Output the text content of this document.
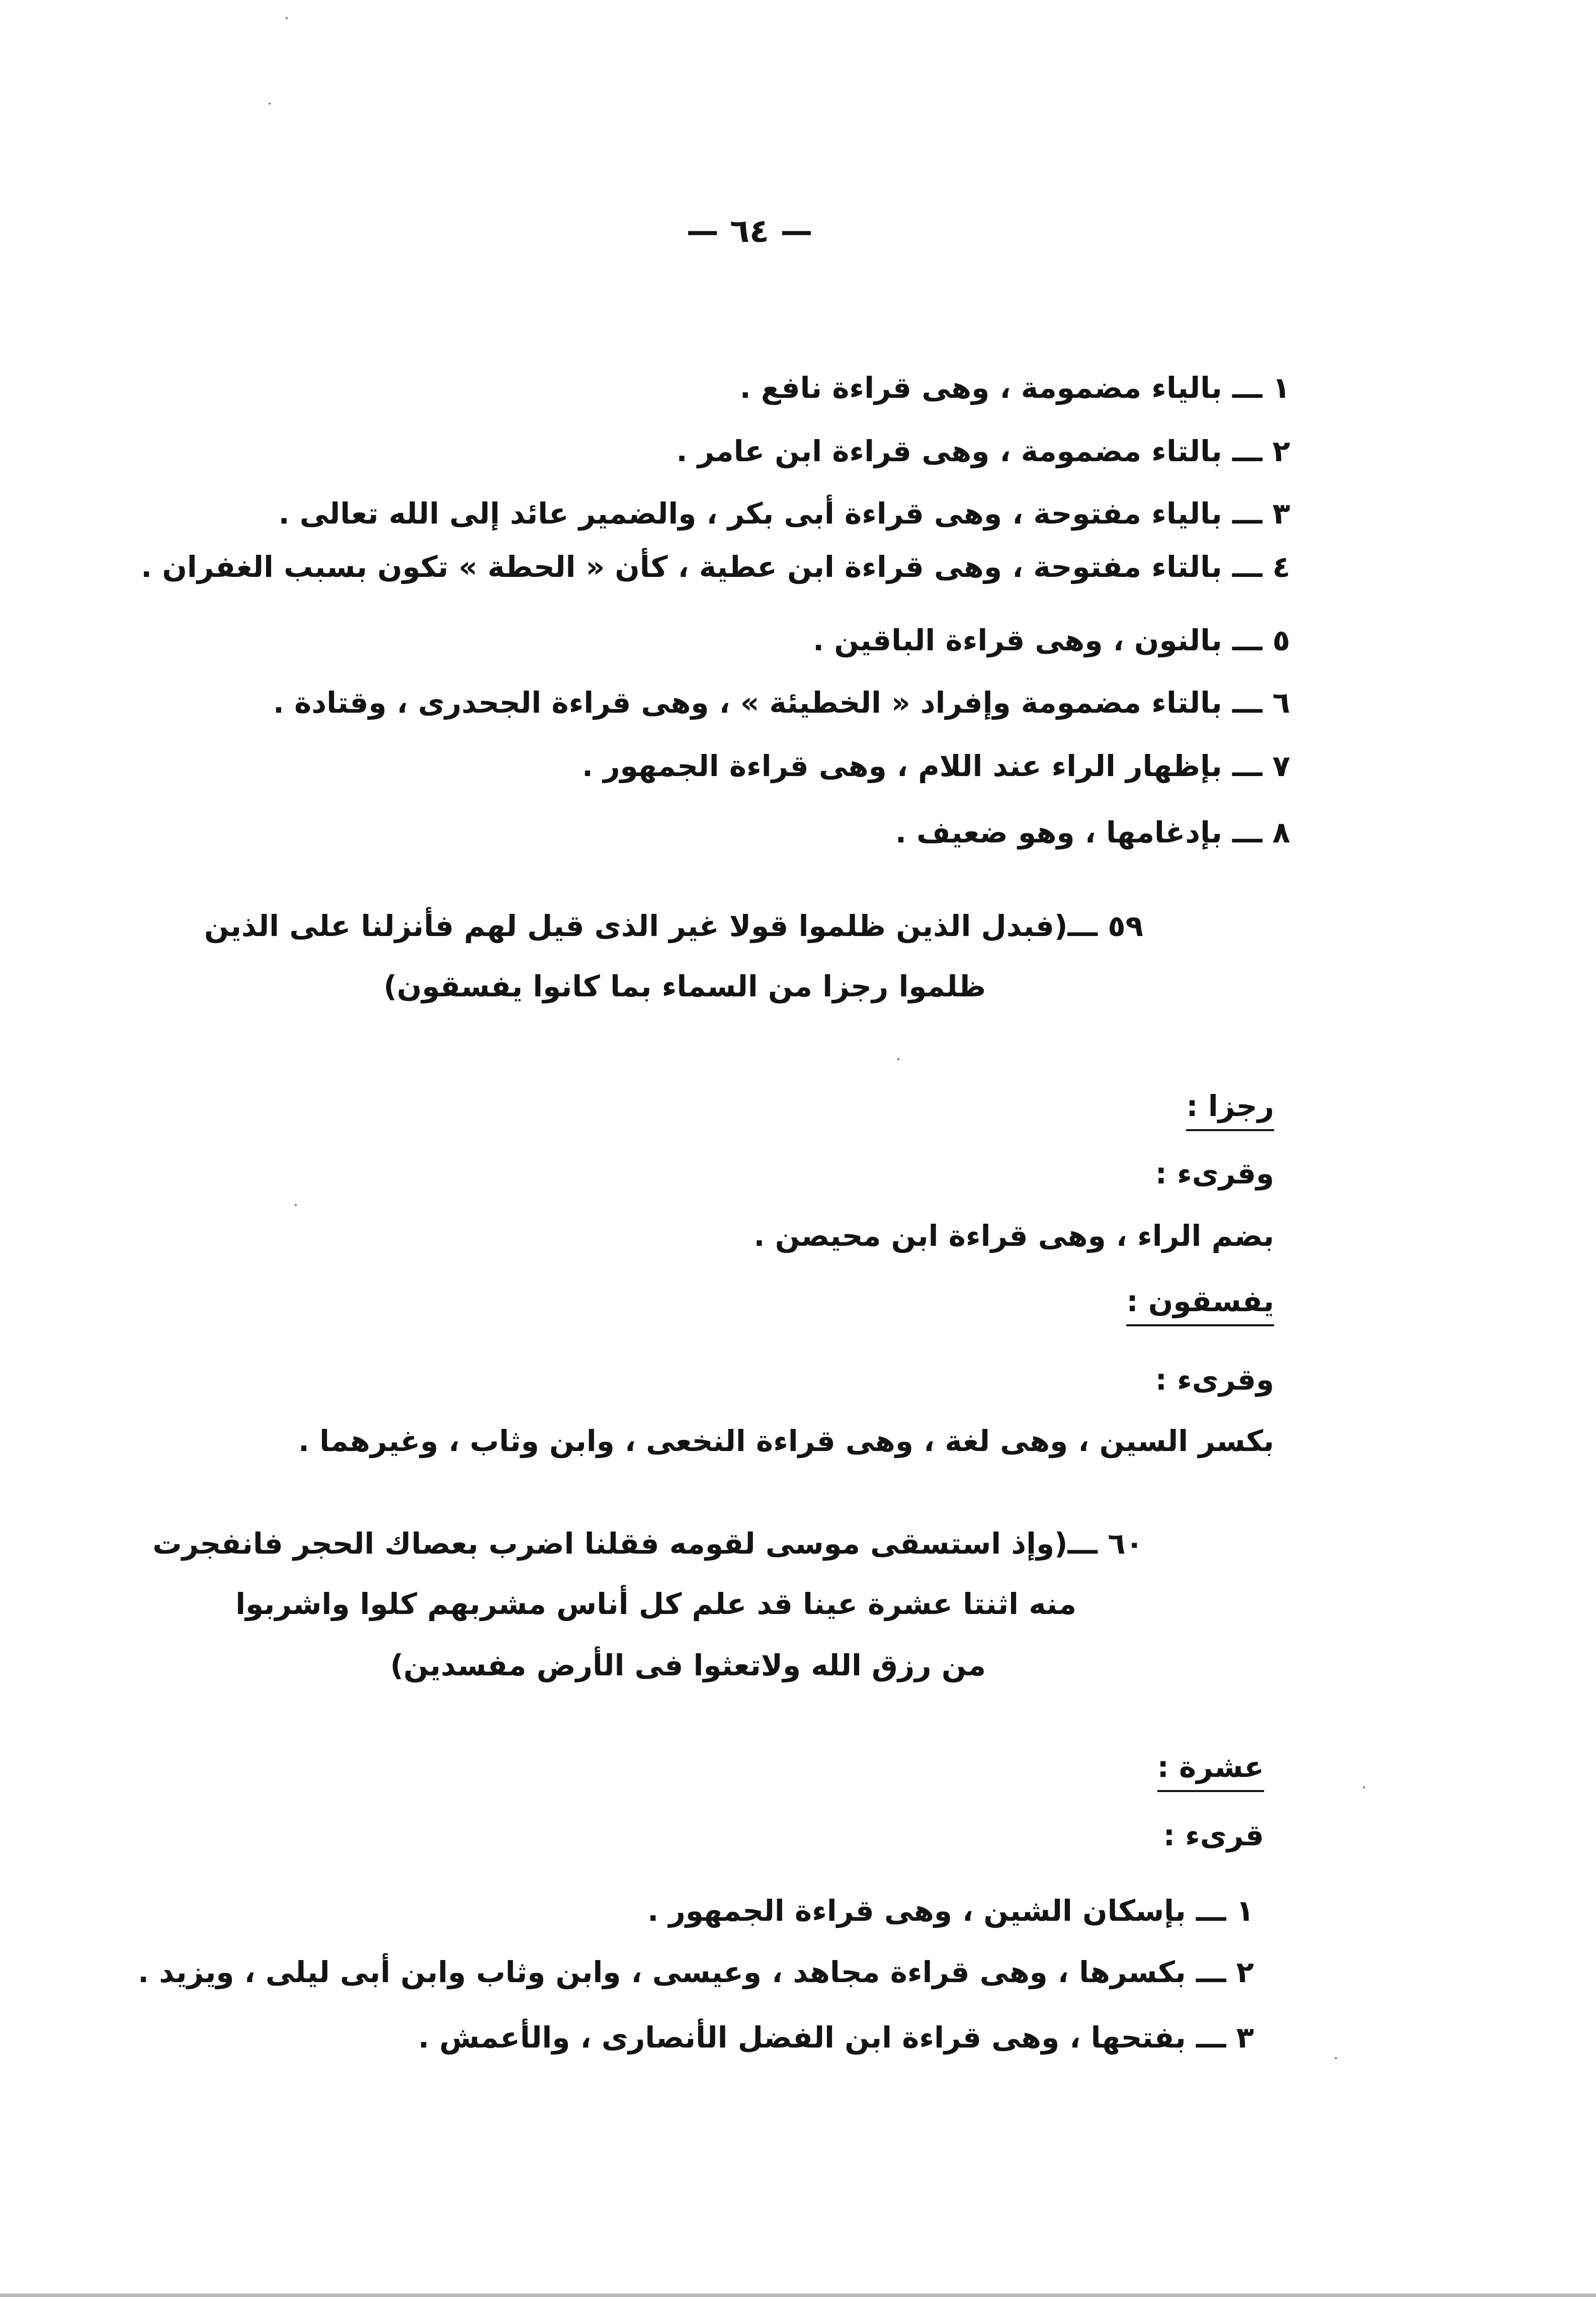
— ٦٤ —
١ ـــ بالياء مضمومة ، وهى قراءة نافع .
٢ ـــ بالتاء مضمومة ، وهى قراءة ابن عامر .
٣ ـــ بالياء مفتوحة ، وهى قراءة أبى بكر ، والضمير عائد إلى الله تعالى .
٤ ـــ بالتاء مفتوحة ، وهى قراءة ابن عطية ، كأن « الحطة » تكون بسبب الغفران .
٥ ـــ بالنون ، وهى قراءة الباقين .
٦ ـــ بالتاء مضمومة وإفراد « الخطيئة » ، وهى قراءة الجحدرى ، وقتادة .
٧ ـــ بإظهار الراء عند اللام ، وهى قراءة الجمهور .
٨ ـــ بإدغامها ، وهو ضعيف .
٥٩ ـــ(فبدل الذين ظلموا قولا غير الذى قيل لهم فأنزلنا على الذين
ظلموا رجزا من السماء بما كانوا يفسقون)
رجزا :
وقرىء :
بضم الراء ، وهى قراءة ابن محيصن .
يفسقون :
وقرىء :
بكسر السين ، وهى لغة ، وهى قراءة النخعى ، وابن وثاب ، وغيرهما .
٦٠ ـــ(وإذ استسقى موسى لقومه فقلنا اضرب بعصاك الحجر فانفجرت
منه اثنتا عشرة عينا قد علم كل أناس مشربهم كلوا واشربوا
من رزق الله ولاتعثوا فى الأرض مفسدين)
عشرة :
قرىء :
١ ـــ بإسكان الشين ، وهى قراءة الجمهور .
٢ ـــ بكسرها ، وهى قراءة مجاهد ، وعيسى ، وابن وثاب وابن أبى ليلى ، ويزيد .
٣ ـــ بفتحها ، وهى قراءة ابن الفضل الأنصارى ، والأعمش .
